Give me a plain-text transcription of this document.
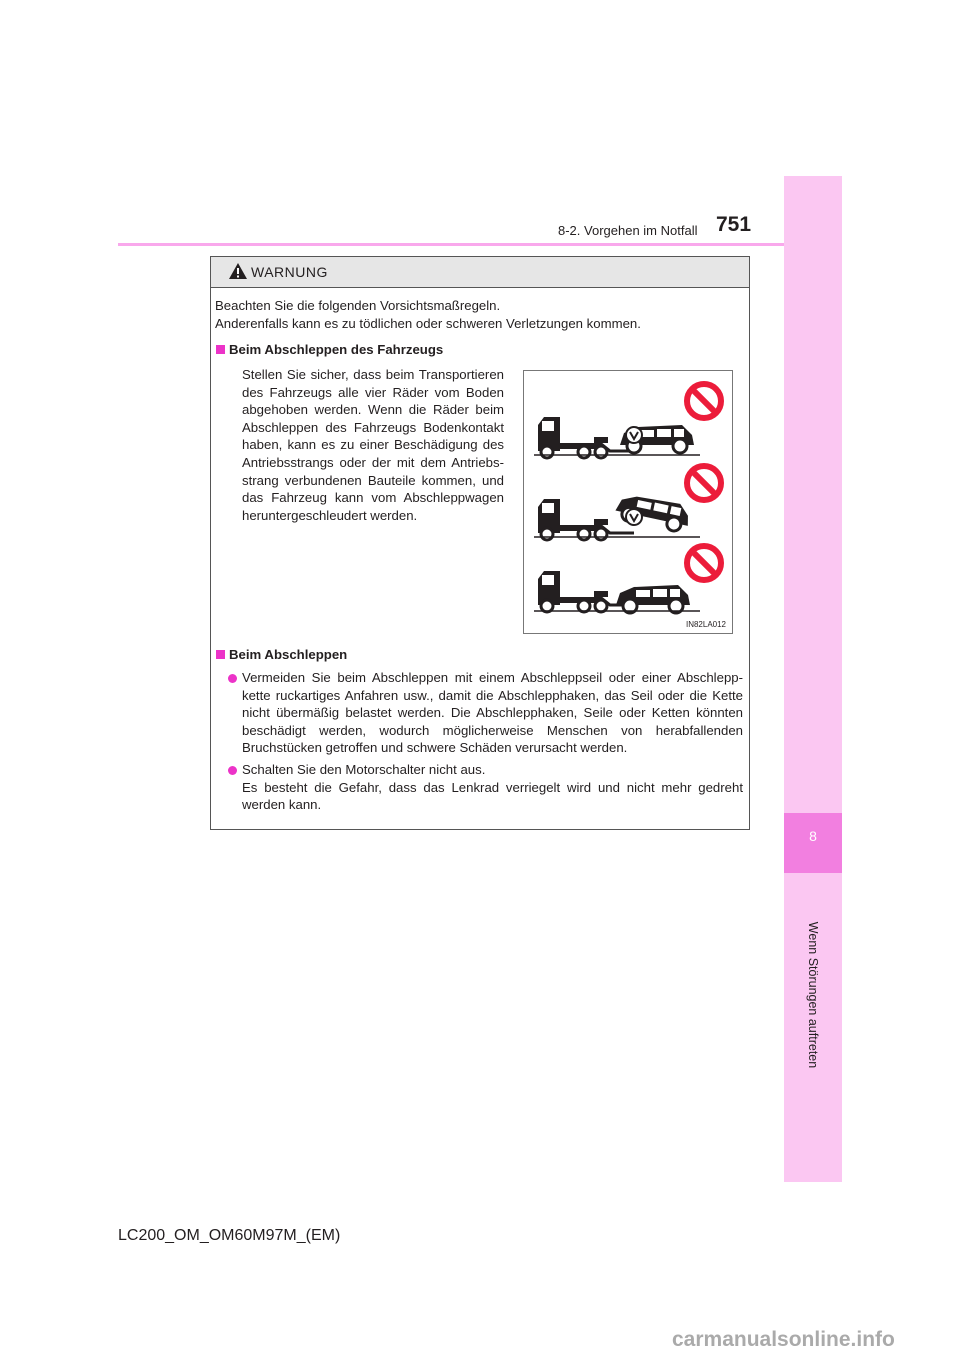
8
Wenn Störungen auftreten
8-2. Vorgehen im Notfall 751
WARNUNG
Beachten Sie die folgenden Vorsichtsmaßregeln.
Anderenfalls kann es zu tödlichen oder schweren Verletzungen kommen.
Beim Abschleppen des Fahrzeugs
Stellen Sie sicher, dass beim Transportieren
des Fahrzeugs alle vier Räder vom Boden
abgehoben werden. Wenn die Räder beim
Abschleppen des Fahrzeugs Bodenkontakt
haben, kann es zu einer Beschädigung des
Antriebsstrangs oder der mit dem Antriebs-
strang verbundenen Bauteile kommen, und
das Fahrzeug kann vom Abschleppwagen
heruntergeschleudert werden.
IN82LA012
Beim Abschleppen
Vermeiden Sie beim Abschleppen mit einem Abschleppseil oder einer Abschlepp-
kette ruckartiges Anfahren usw., damit die Abschlepphaken, das Seil oder die Kette
nicht übermäßig belastet werden. Die Abschlepphaken, Seile oder Ketten könnten
beschädigt werden, wodurch möglicherweise Menschen von herabfallenden
Bruchstücken getroffen und schwere Schäden verursacht werden.
Schalten Sie den Motorschalter nicht aus.
Es besteht die Gefahr, dass das Lenkrad verriegelt wird und nicht mehr gedreht
werden kann.
LC200_OM_OM60M97M_(EM)
carmanualsonline.info
